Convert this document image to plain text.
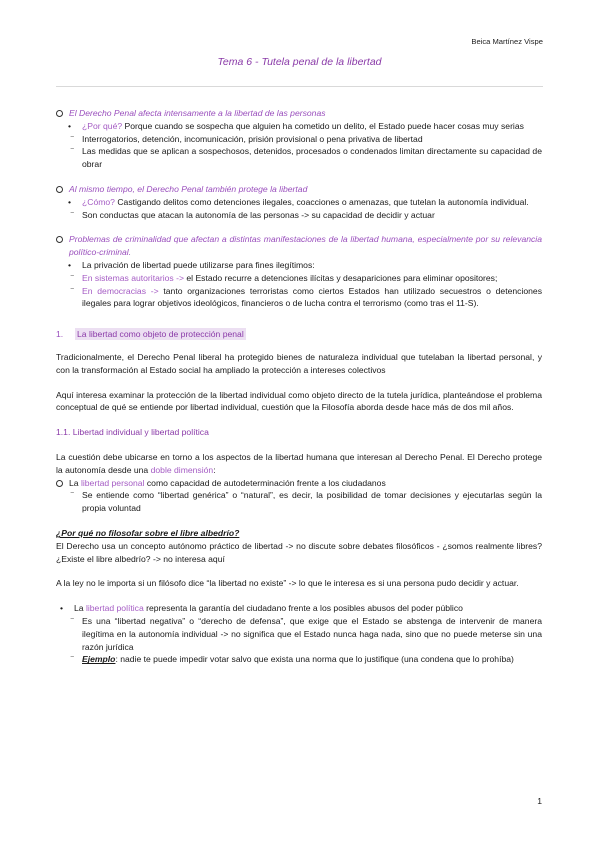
Beica Martínez Vispe
Tema 6 - Tutela penal de la libertad
El Derecho Penal afecta intensamente a la libertad de las personas
• ¿Por qué? Porque cuando se sospecha que alguien ha cometido un delito, el Estado puede hacer cosas muy serias
⁻ Interrogatorios, detención, incomunicación, prisión provisional o pena privativa de libertad
⁻ Las medidas que se aplican a sospechosos, detenidos, procesados o condenados limitan directamente su capacidad de obrar
Al mismo tiempo, el Derecho Penal también protege la libertad
• ¿Cómo? Castigando delitos como detenciones ilegales, coacciones o amenazas, que tutelan la autonomía individual.
⁻ Son conductas que atacan la autonomía de las personas -> su capacidad de decidir y actuar
Problemas de criminalidad que afectan a distintas manifestaciones de la libertad humana, especialmente por su relevancia político-criminal.
• La privación de libertad puede utilizarse para fines ilegítimos:
⁻ En sistemas autoritarios -> el Estado recurre a detenciones ilícitas y desapariciones para eliminar opositores;
⁻ En democracias -> tanto organizaciones terroristas como ciertos Estados han utilizado secuestros o detenciones ilegales para lograr objetivos ideológicos, financieros o de lucha contra el terrorismo (como tras el 11-S).
1. La libertad como objeto de protección penal
Tradicionalmente, el Derecho Penal liberal ha protegido bienes de naturaleza individual que tutelaban la libertad personal, y con la transformación al Estado social ha ampliado la protección a intereses colectivos
Aquí interesa examinar la protección de la libertad individual como objeto directo de la tutela jurídica, planteándose el problema conceptual de qué se entiende por libertad individual, cuestión que la Filosofía aborda desde hace más de dos mil años.
1.1. Libertad individual y libertad política
La cuestión debe ubicarse en torno a los aspectos de la libertad humana que interesan al Derecho Penal. El Derecho protege la autonomía desde una doble dimensión:
La libertad personal como capacidad de autodeterminación frente a los ciudadanos
⁻ Se entiende como “libertad genérica” o “natural”, es decir, la posibilidad de tomar decisiones y ejecutarlas según la propia voluntad
¿Por qué no filosofar sobre el libre albedrío?
El Derecho usa un concepto autónomo práctico de libertad -> no discute sobre debates filosóficos - ¿somos realmente libres? ¿Existe el libre albedrío? -> no interesa aquí
A la ley no le importa si un filósofo dice “la libertad no existe” -> lo que le interesa es si una persona pudo decidir y actuar.
• La libertad política representa la garantía del ciudadano frente a los posibles abusos del poder público
⁻ Es una “libertad negativa” o “derecho de defensa”, que exige que el Estado se abstenga de intervenir de manera ilegítima en la autonomía individual -> no significa que el Estado nunca haga nada, sino que no puede meterse sin una razón jurídica
⁻ Ejemplo: nadie te puede impedir votar salvo que exista una norma que lo justifique (una condena que lo prohíba)
1
